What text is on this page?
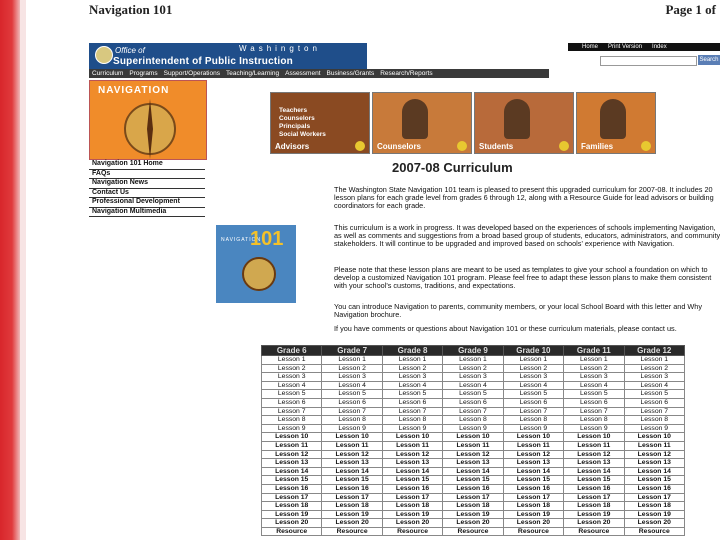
Navigation 101	Page 1 of
Office of
Superintendent of Public Instruction
Washington
Curriculum Programs Support/Operations Teaching/Learning Assessment Business/Grants Research/Reports
Home Print Version Index
Search
NAVIGATION
Navigation 101 Home
FAQs
Navigation News
Contact Us
Professional Development
Navigation Multimedia
Teachers
Counselors
Principals
Social Workers
Advisors	Counselors	Students	Families
2007-08 Curriculum
NAVIGATION
101
The Washington State Navigation 101 team is pleased to present this upgraded curriculum for 2007-08. It includes 20 lesson plans for each grade level from grades 6 through 12, along with a Resource Guide for lead advisors or building coordinators for each grade.
This curriculum is a work in progress. It was developed based on the experiences of schools implementing Navigation, as well as comments and suggestions from a broad based group of students, educators, administrators, and community stakeholders. It will continue to be upgraded and improved based on schools' experience with Navigation.
Please note that these lesson plans are meant to be used as templates to give your school a foundation on which to develop a customized Navigation 101 program. Please feel free to adapt these lesson plans to make them consistent with your school's customs, traditions, and expectations.
You can introduce Navigation to parents, community members, or your local School Board with this letter and Why Navigation brochure.
If you have comments or questions about Navigation 101 or these curriculum materials, please contact us.
Grade 6	Grade 7	Grade 8	Grade 9	Grade 10	Grade 11	Grade 12
Lesson 1	Lesson 1	Lesson 1	Lesson 1	Lesson 1	Lesson 1	Lesson 1
Lesson 2	Lesson 2	Lesson 2	Lesson 2	Lesson 2	Lesson 2	Lesson 2
Lesson 3	Lesson 3	Lesson 3	Lesson 3	Lesson 3	Lesson 3	Lesson 3
Lesson 4	Lesson 4	Lesson 4	Lesson 4	Lesson 4	Lesson 4	Lesson 4
Lesson 5	Lesson 5	Lesson 5	Lesson 5	Lesson 5	Lesson 5	Lesson 5
Lesson 6	Lesson 6	Lesson 6	Lesson 6	Lesson 6	Lesson 6	Lesson 6
Lesson 7	Lesson 7	Lesson 7	Lesson 7	Lesson 7	Lesson 7	Lesson 7
Lesson 8	Lesson 8	Lesson 8	Lesson 8	Lesson 8	Lesson 8	Lesson 8
Lesson 9	Lesson 9	Lesson 9	Lesson 9	Lesson 9	Lesson 9	Lesson 9
Lesson 10	Lesson 10	Lesson 10	Lesson 10	Lesson 10	Lesson 10	Lesson 10
Lesson 11	Lesson 11	Lesson 11	Lesson 11	Lesson 11	Lesson 11	Lesson 11
Lesson 12	Lesson 12	Lesson 12	Lesson 12	Lesson 12	Lesson 12	Lesson 12
Lesson 13	Lesson 13	Lesson 13	Lesson 13	Lesson 13	Lesson 13	Lesson 13
Lesson 14	Lesson 14	Lesson 14	Lesson 14	Lesson 14	Lesson 14	Lesson 14
Lesson 15	Lesson 15	Lesson 15	Lesson 15	Lesson 15	Lesson 15	Lesson 15
Lesson 16	Lesson 16	Lesson 16	Lesson 16	Lesson 16	Lesson 16	Lesson 16
Lesson 17	Lesson 17	Lesson 17	Lesson 17	Lesson 17	Lesson 17	Lesson 17
Lesson 18	Lesson 18	Lesson 18	Lesson 18	Lesson 18	Lesson 18	Lesson 18
Lesson 19	Lesson 19	Lesson 19	Lesson 19	Lesson 19	Lesson 19	Lesson 19
Lesson 20	Lesson 20	Lesson 20	Lesson 20	Lesson 20	Lesson 20	Lesson 20
Resource	Resource	Resource	Resource	Resource	Resource	Resource
